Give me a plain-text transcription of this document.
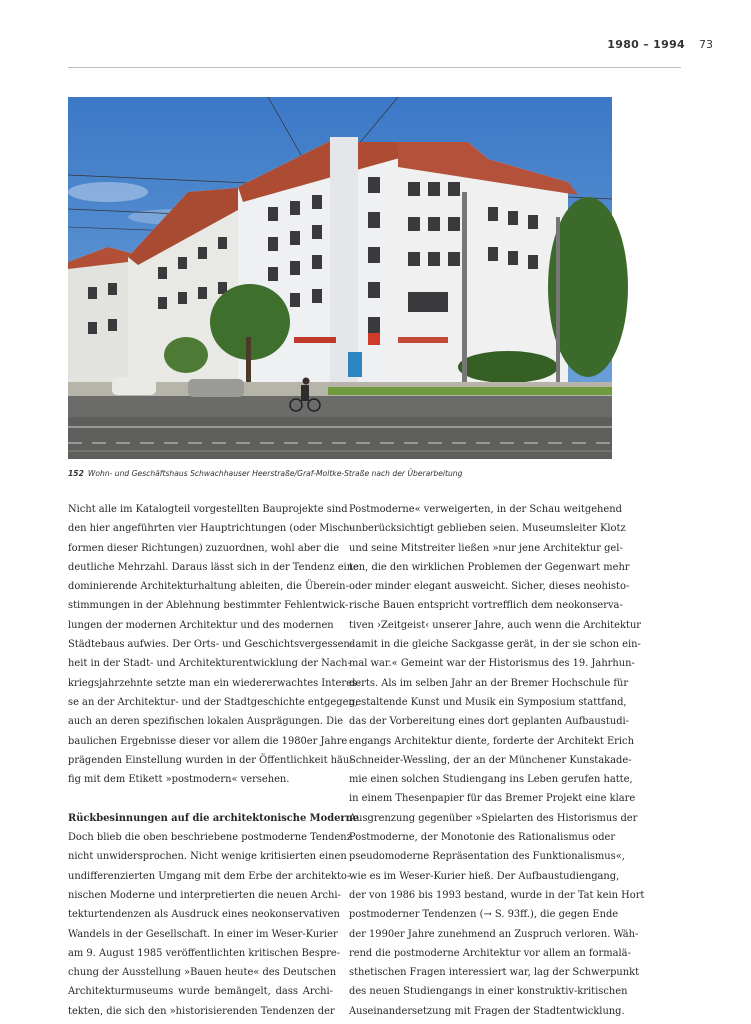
1980 – 1994 73
152 Wohn- und Geschäftshaus Schwachhauser Heerstraße/Graf-Moltke-Straße nach der Überarbeitung
Nicht alle im Katalogteil vorgestellten Bauprojekte sind
den hier angeführten vier Hauptrichtungen (oder Misch-
formen dieser Richtungen) zuzuordnen, wohl aber die
deutliche Mehrzahl. Daraus lässt sich in der Tendenz eine
dominierende Architekturhaltung ableiten, die Überein-
stimmungen in der Ablehnung bestimmter Fehlentwick-
lungen der modernen Architektur und des modernen
Städtebaus aufwies. Der Orts- und Geschichtsvergessen-
heit in der Stadt- und Architekturentwicklung der Nach-
kriegsjahrzehnte setzte man ein wiedererwachtes Interes-
se an der Architektur- und der Stadtgeschichte entgegen,
auch an deren spezifischen lokalen Ausprägungen. Die
baulichen Ergebnisse dieser vor allem die 1980er Jahre
prägenden Einstellung wurden in der Öffentlichkeit häu-
fig mit dem Etikett »postmodern« versehen.
Rückbesinnungen auf die architektonische Moderne
Doch blieb die oben beschriebene postmoderne Tendenz
nicht unwidersprochen. Nicht wenige kritisierten einen
undifferenzierten Umgang mit dem Erbe der architekto-
nischen Moderne und interpretierten die neuen Archi-
tekturtendenzen als Ausdruck eines neokonservativen
Wandels in der Gesellschaft. In einer im Weser-Kurier
am 9. August 1985 veröffentlichten kritischen Bespre-
chung der Ausstellung »Bauen heute« des Deutschen
Architekturmuseums wurde bemängelt, dass Archi-
tekten, die sich den »historisierenden Tendenzen der
Postmoderne« verweigerten, in der Schau weitgehend
unberücksichtigt geblieben seien. Museumsleiter Klotz
und seine Mitstreiter ließen »nur jene Architektur gel-
ten, die den wirklichen Problemen der Gegenwart mehr
oder minder elegant ausweicht. Sicher, dieses neohisto-
rische Bauen entspricht vortrefflich dem neokonserva-
tiven ›Zeitgeist‹ unserer Jahre, auch wenn die Architektur
damit in die gleiche Sackgasse gerät, in der sie schon ein-
mal war.« Gemeint war der Historismus des 19. Jahrhun-
derts. Als im selben Jahr an der Bremer Hochschule für
gestaltende Kunst und Musik ein Symposium stattfand,
das der Vorbereitung eines dort geplanten Aufbaustudi-
engangs Architektur diente, forderte der Architekt Erich
Schneider-Wessling, der an der Münchener Kunstakade-
mie einen solchen Studiengang ins Leben gerufen hatte,
in einem Thesenpapier für das Bremer Projekt eine klare
Ausgrenzung gegenüber »Spielarten des Historismus der
Postmoderne, der Monotonie des Rationalismus oder
pseudomoderne Repräsentation des Funktionalismus«,
wie es im Weser-Kurier hieß. Der Aufbaustudiengang,
der von 1986 bis 1993 bestand, wurde in der Tat kein Hort
postmoderner Tendenzen (→ S. 93ff.), die gegen Ende
der 1990er Jahre zunehmend an Zuspruch verloren. Wäh-
rend die postmoderne Architektur vor allem an formalä-
sthetischen Fragen interessiert war, lag der Schwerpunkt
des neuen Studiengangs in einer konstruktiv-kritischen
Auseinandersetzung mit Fragen der Stadtentwicklung.
